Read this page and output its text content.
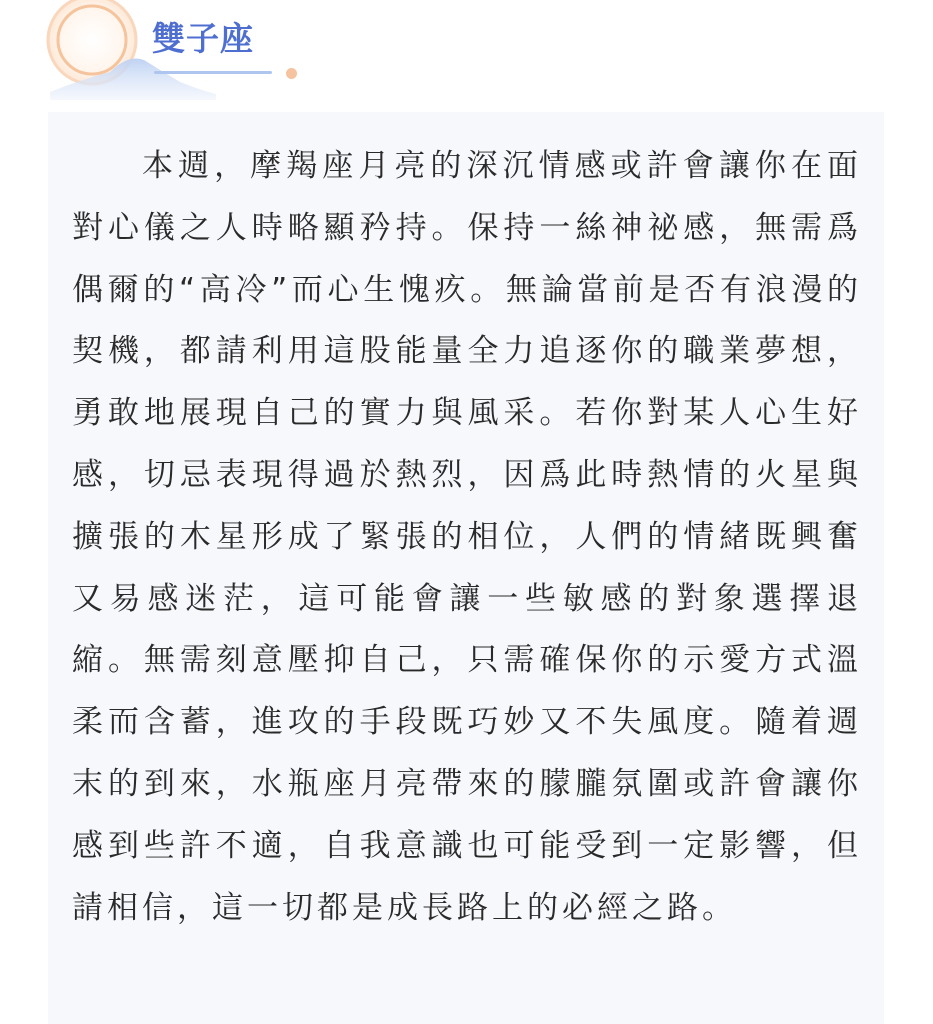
雙子座

本週，摩羯座月亮的深沉情感或許會讓你在面對心儀之人時略顯矜持。保持一絲神祕感，無需爲偶爾的“高冷”而心生愧疚。無論當前是否有浪漫的契機，都請利用這股能量全力追逐你的職業夢想，勇敢地展現自己的實力與風采。若你對某人心生好感，切忌表現得過於熱烈，因爲此時熱情的火星與擴張的木星形成了緊張的相位，人們的情緒既興奮又易感迷茫，這可能會讓一些敏感的對象選擇退縮。無需刻意壓抑自己，只需確保你的示愛方式溫柔而含蓄，進攻的手段既巧妙又不失風度。隨着週末的到來，水瓶座月亮帶來的朦朧氛圍或許會讓你感到些許不適，自我意識也可能受到一定影響，但請相信，這一切都是成長路上的必經之路。
